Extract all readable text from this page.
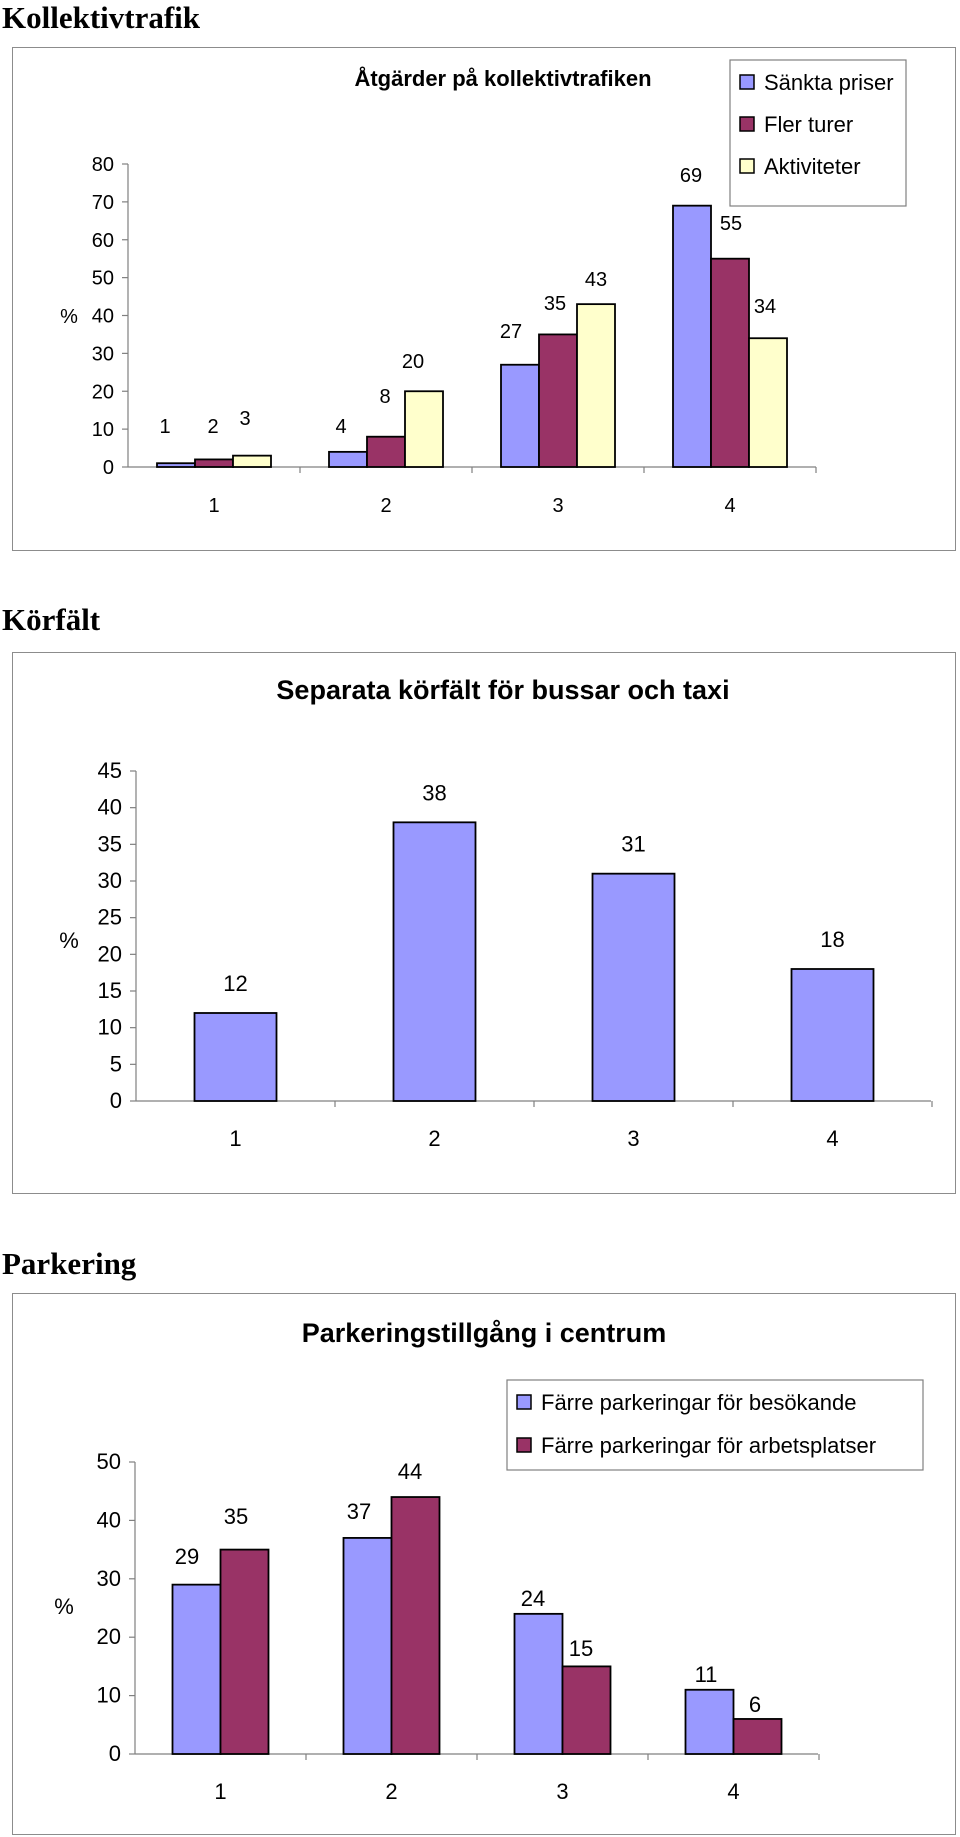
Kollektivtrafik
Åtgärder på kollektivtrafiken
0
10
20
30
40
50
60
70
80
1	2	3	4
%
1 2 3	4
8
20
27
35
43
69
55
34
Sänkta priser
Fler turer
Aktiviteter
Körfält
Separata körfält för bussar och taxi
0
5
10
15
20
25
30
35
40
45
1	2	3	4
%
12
38
31
18
Parkering
Parkeringstillgång i centrum
0
10
20
30
40
50
1	2	3	4
%
29
35	37
44
24
15
11
6
Färre parkeringar för besökande
Färre parkeringar för arbetsplatser
